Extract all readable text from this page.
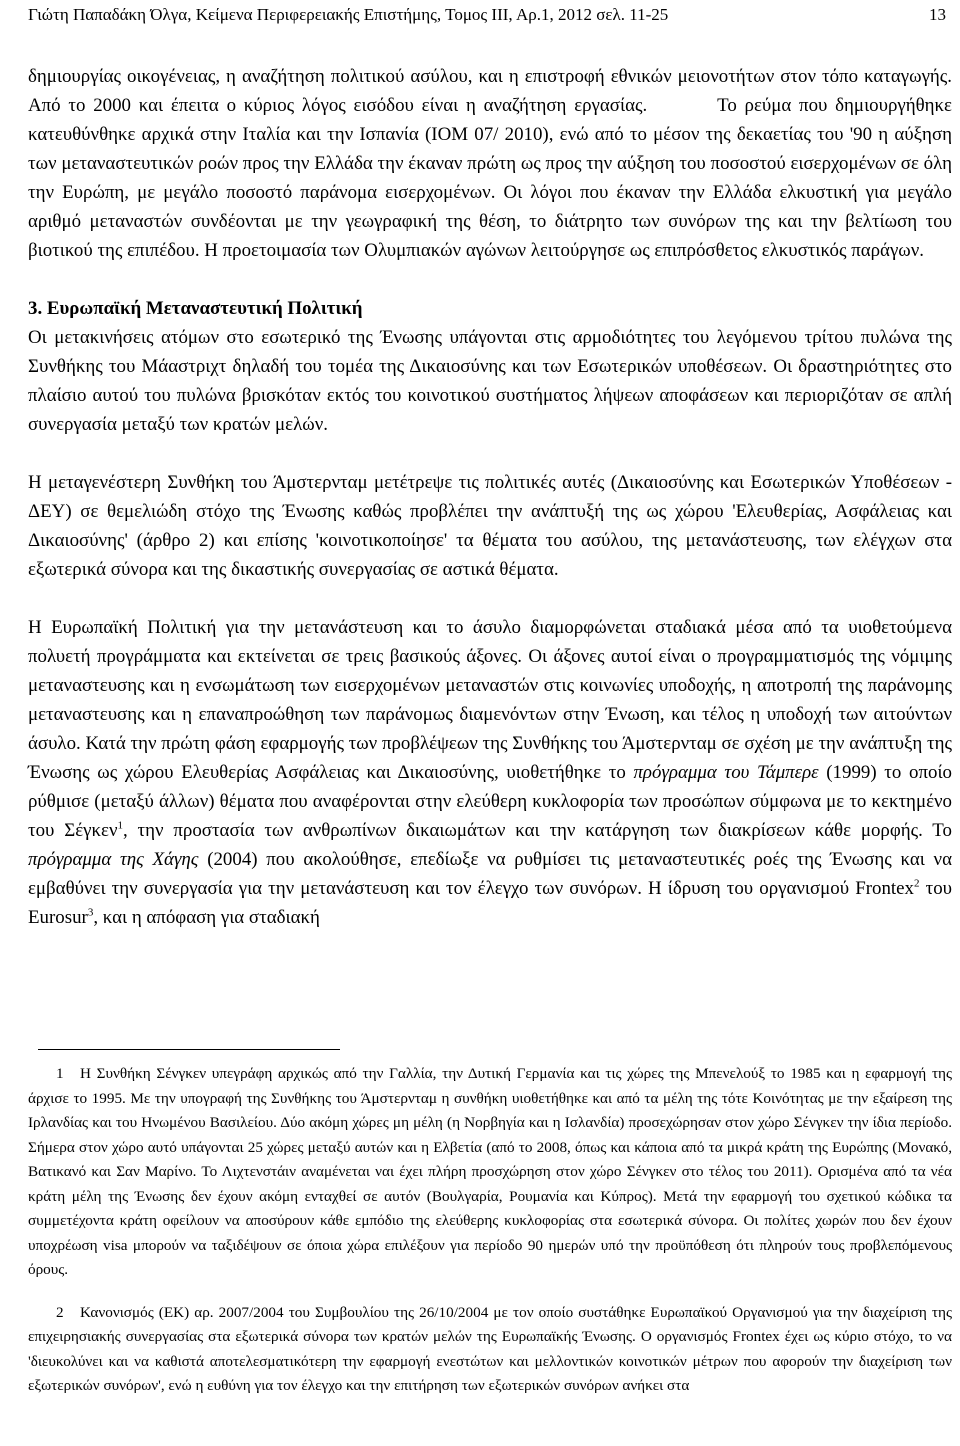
Γιώτη Παπαδάκη Όλγα, Κείμενα Περιφερειακής Επιστήμης, Τομος ΙΙΙ, Αρ.1, 2012 σελ. 11-25	13

δημιουργίας οικογένειας, η αναζήτηση πολιτικού ασύλου, και η επιστροφή εθνικών μειονοτήτων στον τόπο καταγωγής. Από το 2000 και έπειτα ο κύριος λόγος εισόδου είναι η αναζήτηση εργασίας.	Το ρεύμα που δημιουργήθηκε κατευθύνθηκε αρχικά στην Ιταλία και την Ισπανία (IOM 07/ 2010), ενώ από το μέσον της δεκαετίας του '90 η αύξηση των μεταναστευτικών ροών προς την Ελλάδα την έκαναν πρώτη ως προς την αύξηση του ποσοστού εισερχομένων σε όλη την Ευρώπη, με μεγάλο ποσοστό παράνομα εισερχομένων. Οι λόγοι που έκαναν την Ελλάδα ελκυστική για μεγάλο αριθμό μεταναστών συνδέονται με την γεωγραφική της θέση, το διάτρητο των συνόρων της και την βελτίωση του βιοτικού της επιπέδου. Η προετοιμασία των Ολυμπιακών αγώνων λειτούργησε ως επιπρόσθετος ελκυστικός παράγων.

3. Ευρωπαϊκή Μεταναστευτική Πολιτική

Οι μετακινήσεις ατόμων στο εσωτερικό της Ένωσης υπάγονται στις αρμοδιότητες του λεγόμενου τρίτου πυλώνα της Συνθήκης του Μάαστριχτ δηλαδή του τομέα της Δικαιοσύνης και των Εσωτερικών υποθέσεων. Οι δραστηριότητες στο πλαίσιο αυτού του πυλώνα βρισκόταν εκτός του κοινοτικού συστήματος λήψεων αποφάσεων και περιοριζόταν σε απλή συνεργασία μεταξύ των κρατών μελών.

Η μεταγενέστερη Συνθήκη του Άμστερνταμ μετέτρεψε τις πολιτικές αυτές (Δικαιοσύνης και Εσωτερικών Υποθέσεων - ΔΕΥ) σε θεμελιώδη στόχο της Ένωσης καθώς προβλέπει την ανάπτυξή της ως χώρου 'Ελευθερίας, Ασφάλειας και Δικαιοσύνης' (άρθρο 2) και επίσης 'κοινοτικοποίησε' τα θέματα του ασύλου, της μετανάστευσης, των ελέγχων στα εξωτερικά σύνορα και της δικαστικής συνεργασίας σε αστικά θέματα.

Η Ευρωπαϊκή Πολιτική για την μετανάστευση και το άσυλο διαμορφώνεται σταδιακά μέσα από τα υιοθετούμενα πολυετή προγράμματα και εκτείνεται σε τρεις βασικούς άξονες. Οι άξονες αυτοί είναι ο προγραμματισμός της νόμιμης μεταναστευσης και η ενσωμάτωση των εισερχομένων μεταναστών στις κοινωνίες υποδοχής, η αποτροπή της παράνομης μεταναστευσης και η επαναπροώθηση των παράνομως διαμενόντων στην Ένωση, και τέλος η υποδοχή των αιτούντων άσυλο. Κατά την πρώτη φάση εφαρμογής των προβλέψεων της Συνθήκης του Άμστερνταμ σε σχέση με την ανάπτυξη της Ένωσης ως χώρου Ελευθερίας Ασφάλειας και Δικαιοσύνης, υιοθετήθηκε το πρόγραμμα του Τάμπερε (1999) το οποίο ρύθμισε (μεταξύ άλλων) θέματα που αναφέρονται στην ελεύθερη κυκλοφορία των προσώπων σύμφωνα με το κεκτημένο του Σέγκεν$^1$, την προστασία των ανθρωπίνων δικαιωμάτων και την κατάργηση των διακρίσεων κάθε μορφής. Το πρόγραμμα της Χάγης (2004) που ακολούθησε, επεδίωξε να ρυθμίσει τις μεταναστευτικές ροές της Ένωσης και να εμβαθύνει την συνεργασία για την μετανάστευση και τον έλεγχο των συνόρων. Η ίδρυση του οργανισμού Frontex$^2$ του Eurosur$^3$, και η απόφαση για σταδιακή

1 Η Συνθήκη Σένγκεν υπεγράφη αρχικώς από την Γαλλία, την Δυτική Γερμανία και τις χώρες της Μπενελούξ το 1985 και η εφαρμογή της άρχισε το 1995. Με την υπογραφή της Συνθήκης του Άμστερνταμ η συνθήκη υιοθετήθηκε και από τα μέλη της τότε Κοινότητας με την εξαίρεση της Ιρλανδίας και του Ηνωμένου Βασιλείου. Δύο ακόμη χώρες μη μέλη (η Νορβηγία και η Ισλανδία) προσεχώρησαν στον χώρο Σένγκεν την ίδια περίοδο. Σήμερα στον χώρο αυτό υπάγονται 25 χώρες μεταξύ αυτών και η Ελβετία (από το 2008, όπως και κάποια από τα μικρά κράτη της Ευρώπης (Μονακό, Βατικανό και Σαν Μαρίνο. Το Λιχτενστάιν αναμένεται ναι έχει πλήρη προσχώρηση στον χώρο Σένγκεν στο τέλος του 2011). Ορισμένα από τα νέα κράτη μέλη της Ένωσης δεν έχουν ακόμη ενταχθεί σε αυτόν (Βουλγαρία, Ρουμανία και Κύπρος). Μετά την εφαρμογή του σχετικού κώδικα τα συμμετέχοντα κράτη οφείλουν να αποσύρουν κάθε εμπόδιο της ελεύθερης κυκλοφορίας στα εσωτερικά σύνορα. Οι πολίτες χωρών που δεν έχουν υποχρέωση visa μπορούν να ταξιδέψουν σε όποια χώρα επιλέξουν για περίοδο 90 ημερών υπό την προϋπόθεση ότι πληρούν τους προβλεπόμενους όρους.

2 Κανονισμός (ΕΚ) αρ. 2007/2004 του Συμβουλίου της 26/10/2004 με τον οποίο συστάθηκε Ευρωπαϊκού Οργανισμού για την διαχείριση της επιχειρησιακής συνεργασίας στα εξωτερικά σύνορα των κρατών μελών της Ευρωπαϊκής Ένωσης. Ο οργανισμός Frontex έχει ως κύριο στόχο, το να 'διευκολύνει και να καθιστά αποτελεσματικότερη την εφαρμογή ενεστώτων και μελλοντικών κοινοτικών μέτρων που αφορούν την διαχείριση των εξωτερικών συνόρων', ενώ η ευθύνη για τον έλεγχο και την επιτήρηση των εξωτερικών συνόρων ανήκει στα
